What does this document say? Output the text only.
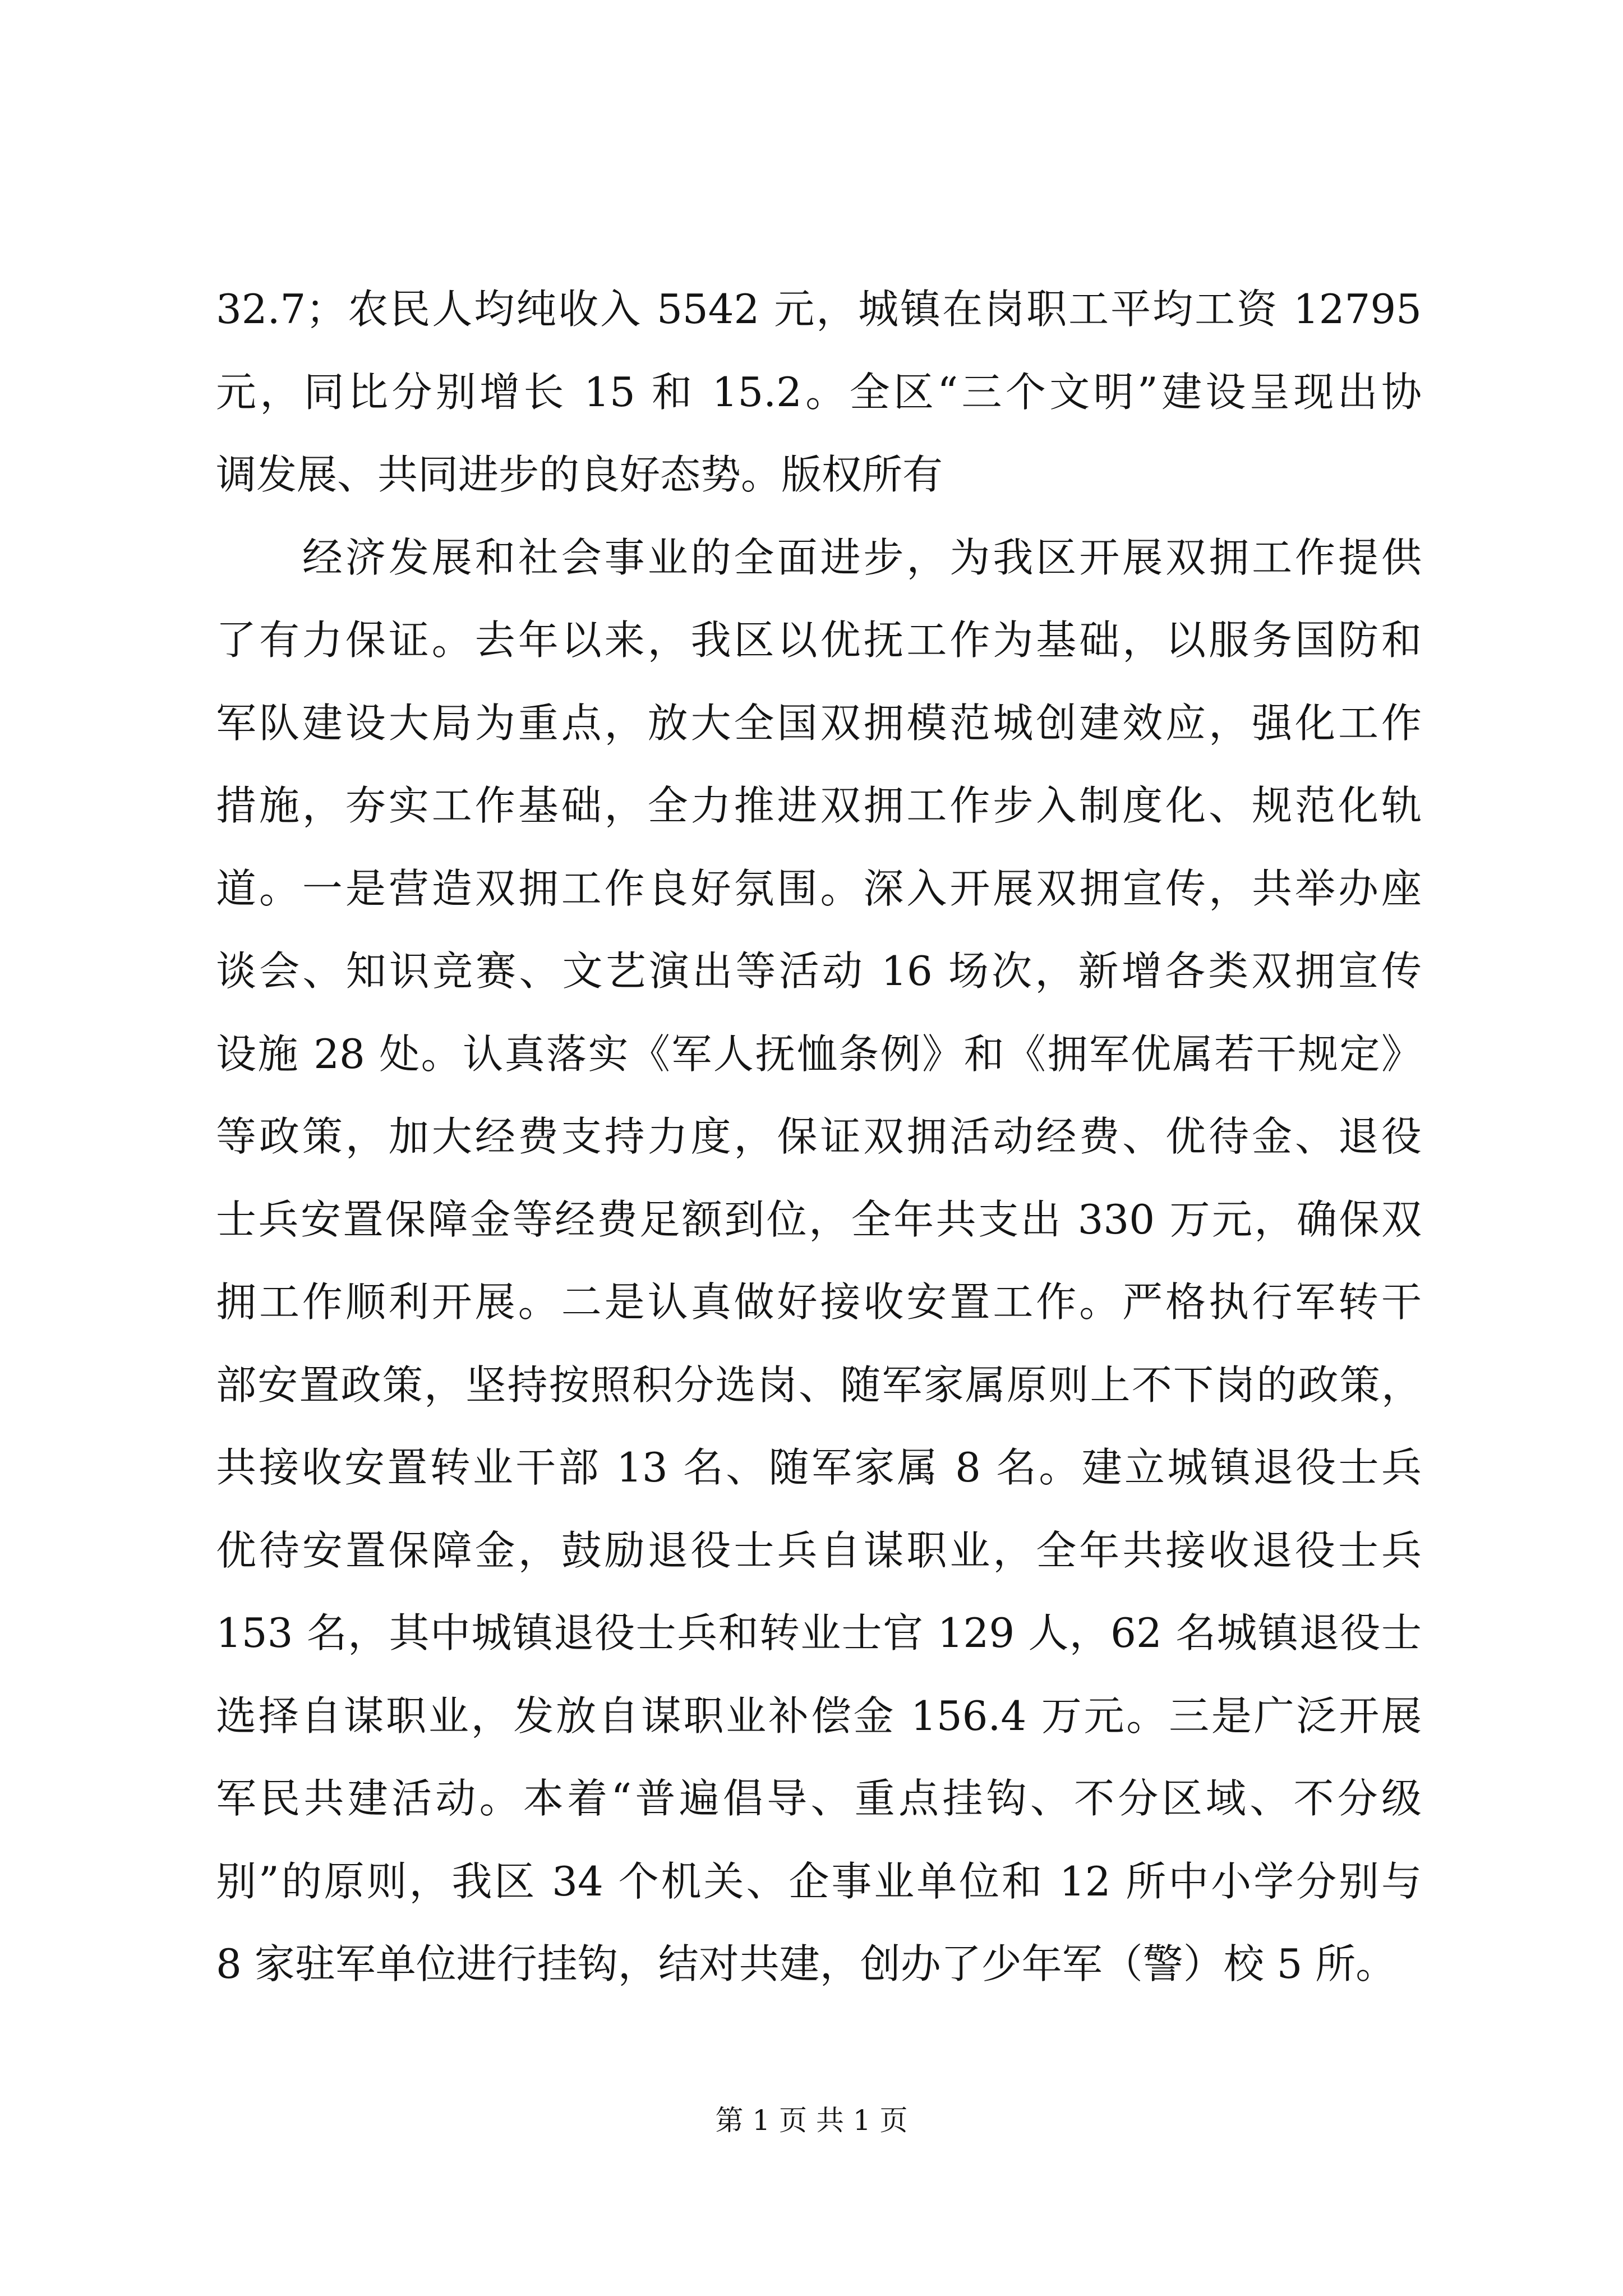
32.7；农民人均纯收入 5542 元，城镇在岗职工平均工资 12795
元，同比分别增长 15 和 15.2。全区“三个文明”建设呈现出协
调发展、共同进步的良好态势。版权所有
　　经济发展和社会事业的全面进步，为我区开展双拥工作提供
了有力保证。去年以来，我区以优抚工作为基础，以服务国防和
军队建设大局为重点，放大全国双拥模范城创建效应，强化工作
措施，夯实工作基础，全力推进双拥工作步入制度化、规范化轨
道。一是营造双拥工作良好氛围。深入开展双拥宣传，共举办座
谈会、知识竞赛、文艺演出等活动 16 场次，新增各类双拥宣传
设施 28 处。认真落实《军人抚恤条例》和《拥军优属若干规定》
等政策，加大经费支持力度，保证双拥活动经费、优待金、退役
士兵安置保障金等经费足额到位，全年共支出 330 万元，确保双
拥工作顺利开展。二是认真做好接收安置工作。严格执行军转干
部安置政策，坚持按照积分选岗、随军家属原则上不下岗的政策，
共接收安置转业干部 13 名、随军家属 8 名。建立城镇退役士兵
优待安置保障金，鼓励退役士兵自谋职业，全年共接收退役士兵
153 名，其中城镇退役士兵和转业士官 129 人，62 名城镇退役士
选择自谋职业，发放自谋职业补偿金 156.4 万元。三是广泛开展
军民共建活动。本着“普遍倡导、重点挂钩、不分区域、不分级
别”的原则，我区 34 个机关、企事业单位和 12 所中小学分别与
8 家驻军单位进行挂钩，结对共建，创办了少年军（警）校 5 所。
第 1 页 共 1 页
